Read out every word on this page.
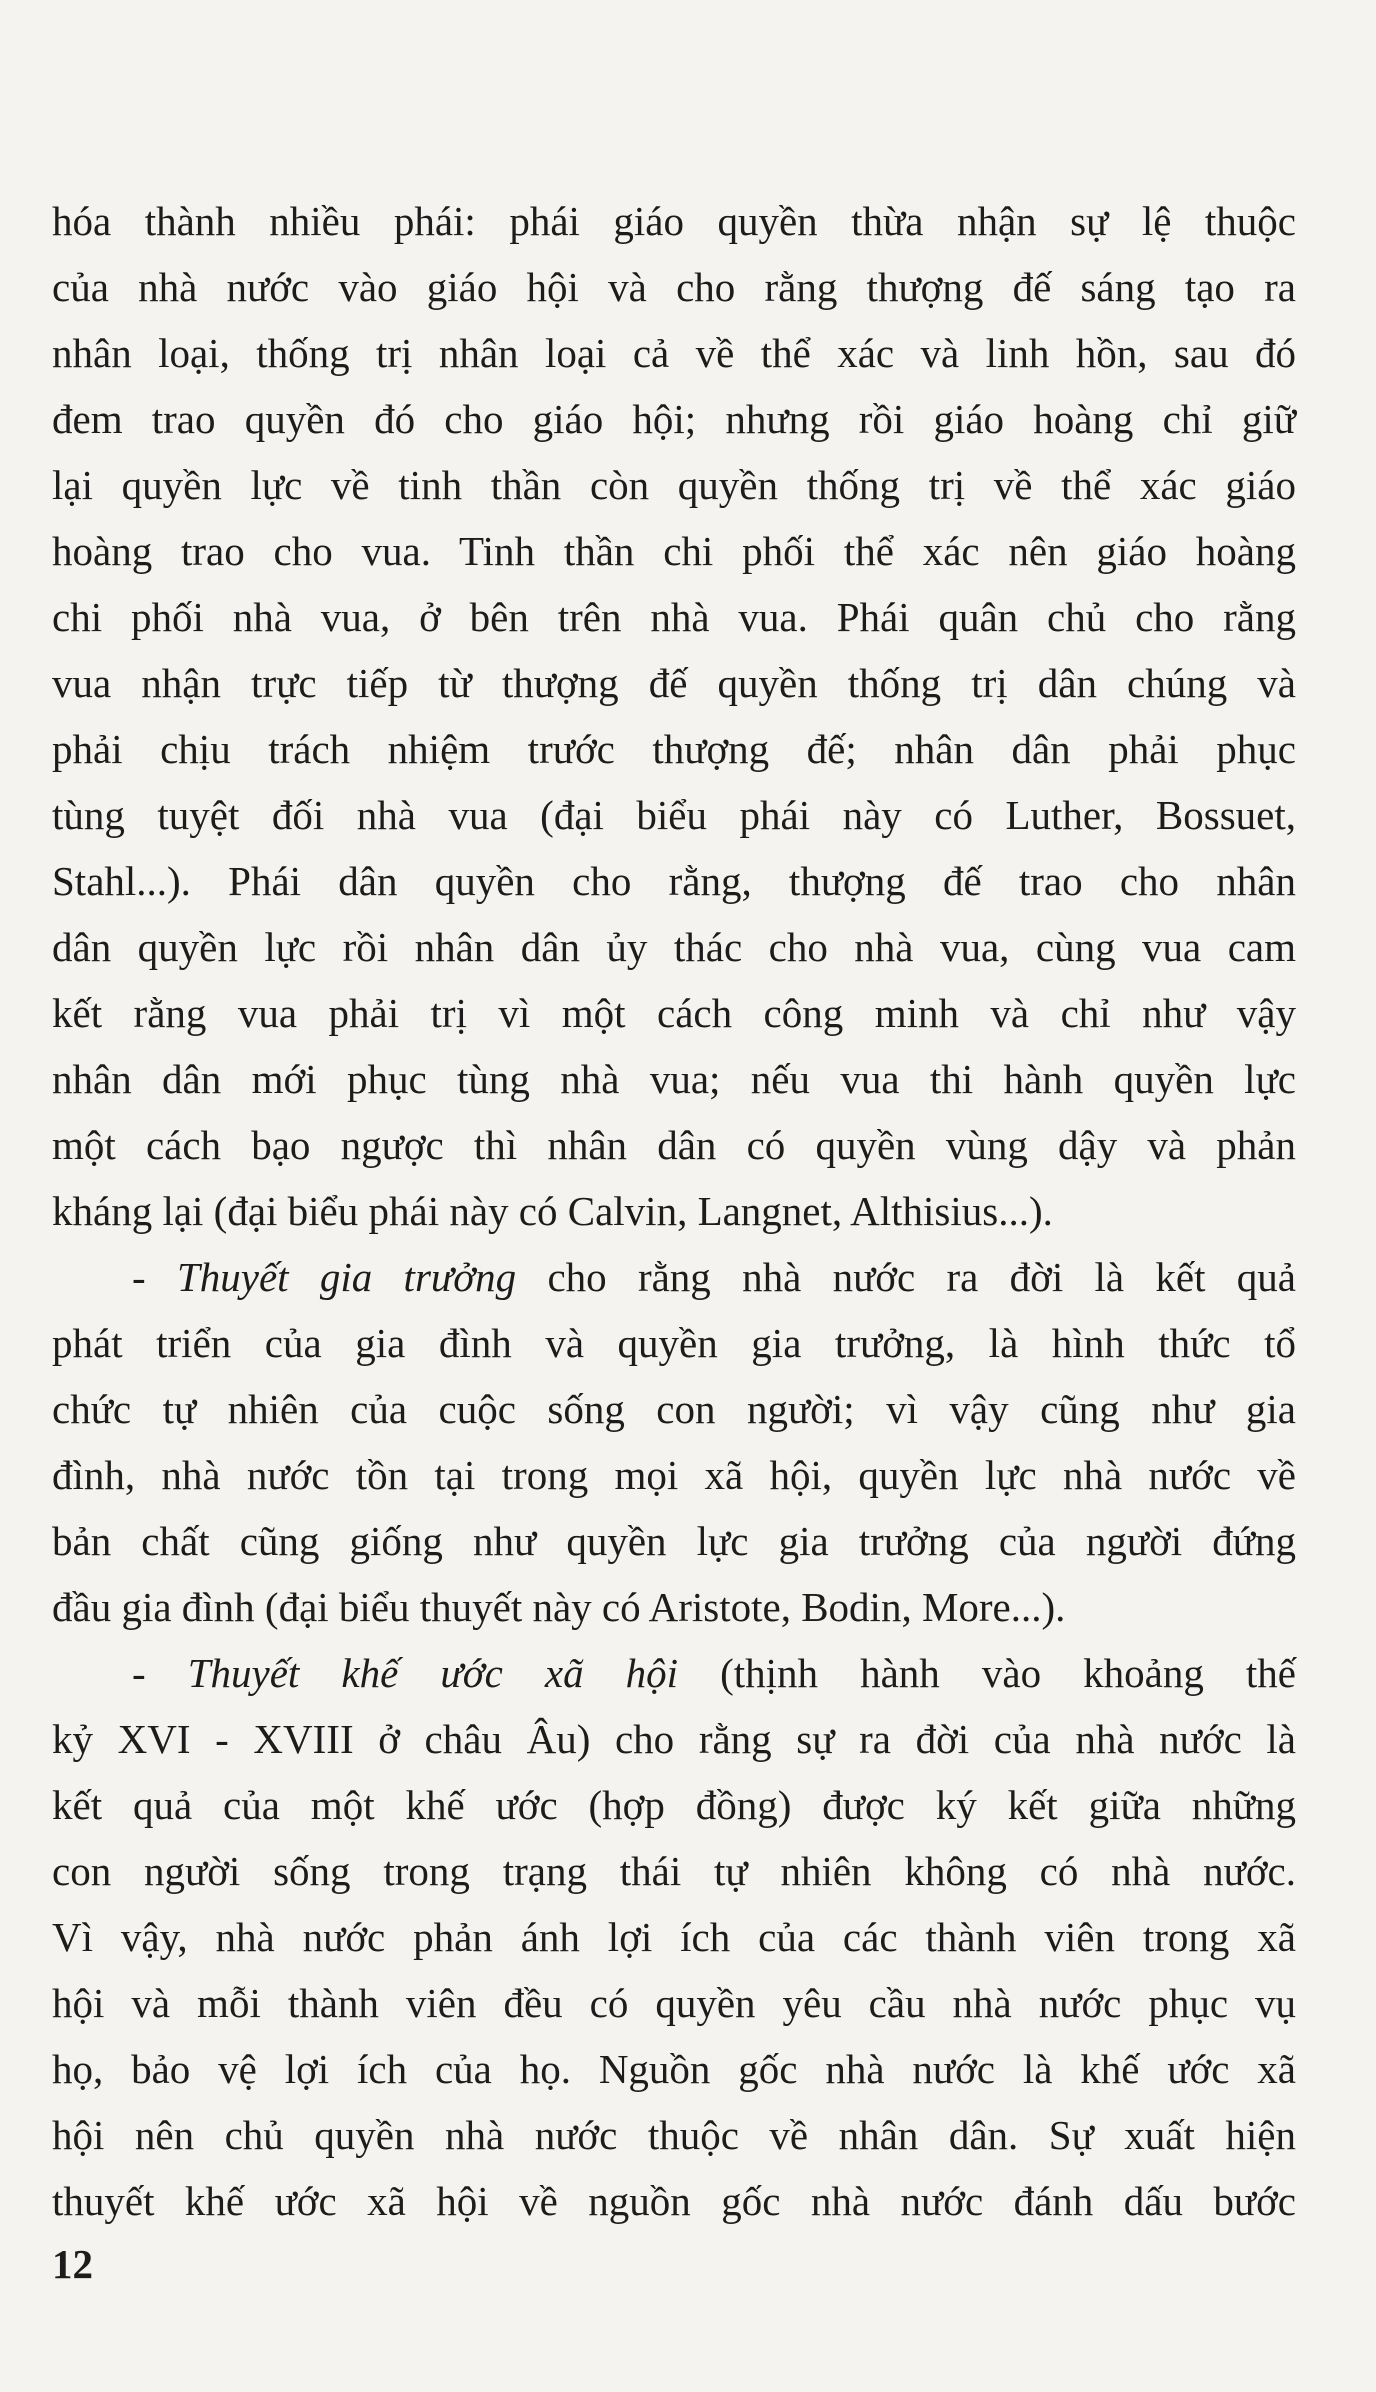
hóa thành nhiều phái: phái giáo quyền thừa nhận sự lệ thuộc
của nhà nước vào giáo hội và cho rằng thượng đế sáng tạo ra
nhân loại, thống trị nhân loại cả về thể xác và linh hồn, sau đó
đem trao quyền đó cho giáo hội; nhưng rồi giáo hoàng chỉ giữ
lại quyền lực về tinh thần còn quyền thống trị về thể xác giáo
hoàng trao cho vua. Tinh thần chi phối thể xác nên giáo hoàng
chi phối nhà vua, ở bên trên nhà vua. Phái quân chủ cho rằng
vua nhận trực tiếp từ thượng đế quyền thống trị dân chúng và
phải chịu trách nhiệm trước thượng đế; nhân dân phải phục
tùng tuyệt đối nhà vua (đại biểu phái này có Luther, Bossuet,
Stahl...). Phái dân quyền cho rằng, thượng đế trao cho nhân
dân quyền lực rồi nhân dân ủy thác cho nhà vua, cùng vua cam
kết rằng vua phải trị vì một cách công minh và chỉ như vậy
nhân dân mới phục tùng nhà vua; nếu vua thi hành quyền lực
một cách bạo ngược thì nhân dân có quyền vùng dậy và phản
kháng lại (đại biểu phái này có Calvin, Langnet, Althisius...).
- Thuyết gia trưởng cho rằng nhà nước ra đời là kết quả
phát triển của gia đình và quyền gia trưởng, là hình thức tổ
chức tự nhiên của cuộc sống con người; vì vậy cũng như gia
đình, nhà nước tồn tại trong mọi xã hội, quyền lực nhà nước về
bản chất cũng giống như quyền lực gia trưởng của người đứng
đầu gia đình (đại biểu thuyết này có Aristote, Bodin, More...).
- Thuyết khế ước xã hội (thịnh hành vào khoảng thế
kỷ XVI - XVIII ở châu Âu) cho rằng sự ra đời của nhà nước là
kết quả của một khế ước (hợp đồng) được ký kết giữa những
con người sống trong trạng thái tự nhiên không có nhà nước.
Vì vậy, nhà nước phản ánh lợi ích của các thành viên trong xã
hội và mỗi thành viên đều có quyền yêu cầu nhà nước phục vụ
họ, bảo vệ lợi ích của họ. Nguồn gốc nhà nước là khế ước xã
hội nên chủ quyền nhà nước thuộc về nhân dân. Sự xuất hiện
thuyết khế ước xã hội về nguồn gốc nhà nước đánh dấu bước
12
